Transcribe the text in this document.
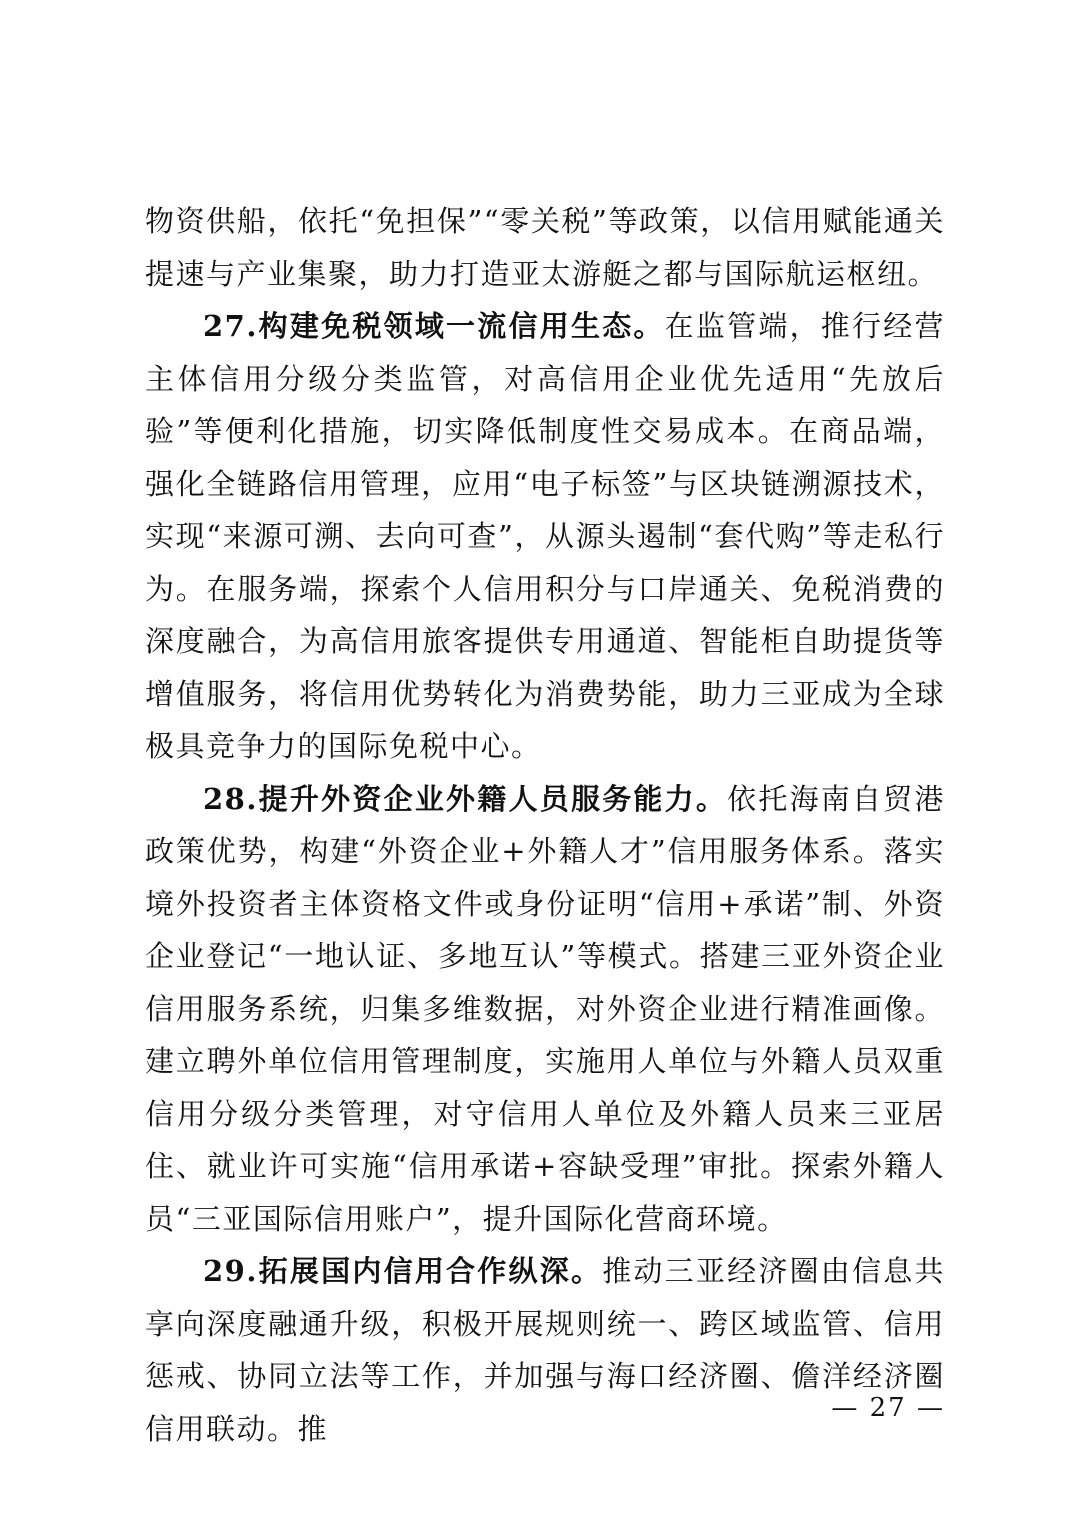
物资供船，依托“免担保”“零关税”等政策，以信用赋能通关提速与产业集聚，助力打造亚太游艇之都与国际航运枢纽。

27.构建免税领域一流信用生态。在监管端，推行经营主体信用分级分类监管，对高信用企业优先适用“先放后验”等便利化措施，切实降低制度性交易成本。在商品端，强化全链路信用管理，应用“电子标签”与区块链溯源技术，实现“来源可溯、去向可查”，从源头遏制“套代购”等走私行为。在服务端，探索个人信用积分与口岸通关、免税消费的深度融合，为高信用旅客提供专用通道、智能柜自助提货等增值服务，将信用优势转化为消费势能，助力三亚成为全球极具竞争力的国际免税中心。

28.提升外资企业外籍人员服务能力。依托海南自贸港政策优势，构建“外资企业+外籍人才”信用服务体系。落实境外投资者主体资格文件或身份证明“信用+承诺”制、外资企业登记“一地认证、多地互认”等模式。搭建三亚外资企业信用服务系统，归集多维数据，对外资企业进行精准画像。建立聘外单位信用管理制度，实施用人单位与外籍人员双重信用分级分类管理，对守信用人单位及外籍人员来三亚居住、就业许可实施“信用承诺+容缺受理”审批。探索外籍人员“三亚国际信用账户”，提升国际化营商环境。

29.拓展国内信用合作纵深。推动三亚经济圈由信息共享向深度融通升级，积极开展规则统一、跨区域监管、信用惩戒、协同立法等工作，并加强与海口经济圈、儋洋经济圈信用联动。推

— 27 —
